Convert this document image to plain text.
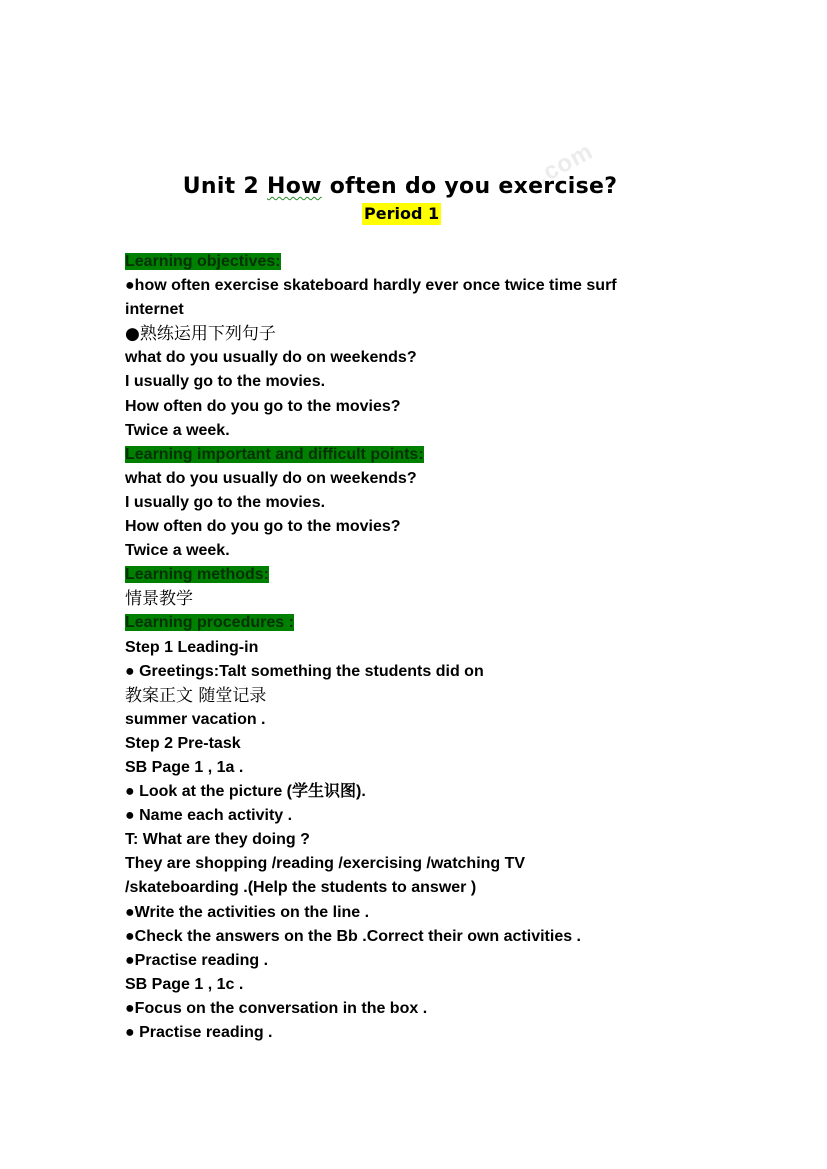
.com
Unit 2 How often do you exercise?
Period 1
Learning objectives:
●how often exercise skateboard hardly ever once twice time surf
internet
●熟练运用下列句子
what do you usually do on weekends?
I usually go to the movies.
How often do you go to the movies?
Twice a week.
Learning important and difficult points:
what do you usually do on weekends?
I usually go to the movies.
How often do you go to the movies?
Twice a week.
Learning methods:
情景教学
Learning procedures :
Step 1 Leading-in
● Greetings:Talt something the students did on
教案正文 随堂记录
summer vacation .
Step 2 Pre-task
SB Page 1 , 1a .
● Look at the picture (学生识图).
● Name each activity .
T: What are they doing ?
They are shopping /reading /exercising /watching TV
/skateboarding .(Help the students to answer )
●Write the activities on the line .
●Check the answers on the Bb .Correct their own activities .
●Practise reading .
SB Page 1 , 1c .
●Focus on the conversation in the box .
● Practise reading .
